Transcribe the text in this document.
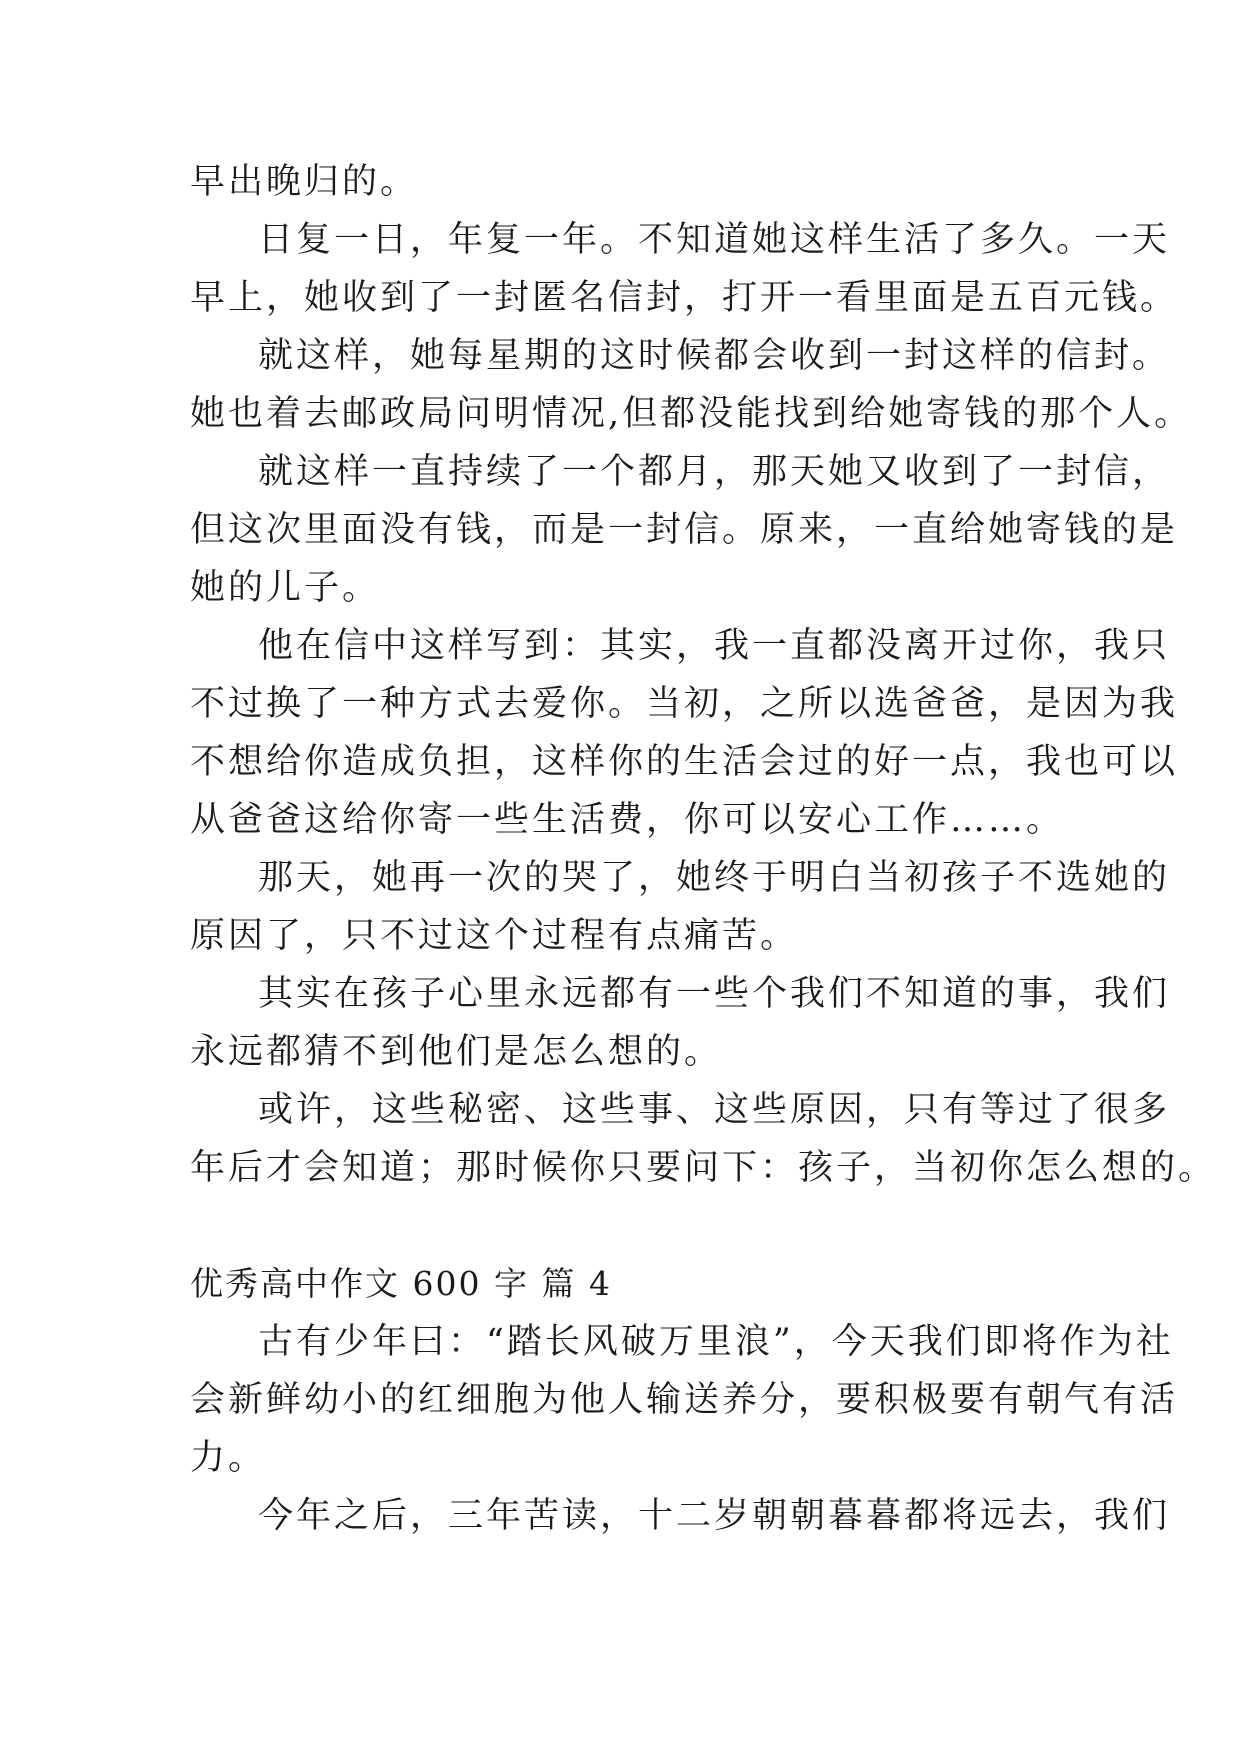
早出晚归的。
日复一日，年复一年。不知道她这样生活了多久。一天
早上，她收到了一封匿名信封，打开一看里面是五百元钱。
就这样，她每星期的这时候都会收到一封这样的信封。
她也着去邮政局问明情况,但都没能找到给她寄钱的那个人。
就这样一直持续了一个都月，那天她又收到了一封信，
但这次里面没有钱，而是一封信。原来，一直给她寄钱的是
她的儿子。
他在信中这样写到：其实，我一直都没离开过你，我只
不过换了一种方式去爱你。当初，之所以选爸爸，是因为我
不想给你造成负担，这样你的生活会过的好一点，我也可以
从爸爸这给你寄一些生活费，你可以安心工作……。
那天，她再一次的哭了，她终于明白当初孩子不选她的
原因了，只不过这个过程有点痛苦。
其实在孩子心里永远都有一些个我们不知道的事，我们
永远都猜不到他们是怎么想的。
或许，这些秘密、这些事、这些原因，只有等过了很多
年后才会知道；那时候你只要问下：孩子，当初你怎么想的。
优秀高中作文 600 字 篇 4
古有少年曰：“踏长风破万里浪”，今天我们即将作为社
会新鲜幼小的红细胞为他人输送养分，要积极要有朝气有活
力。
今年之后，三年苦读，十二岁朝朝暮暮都将远去，我们
